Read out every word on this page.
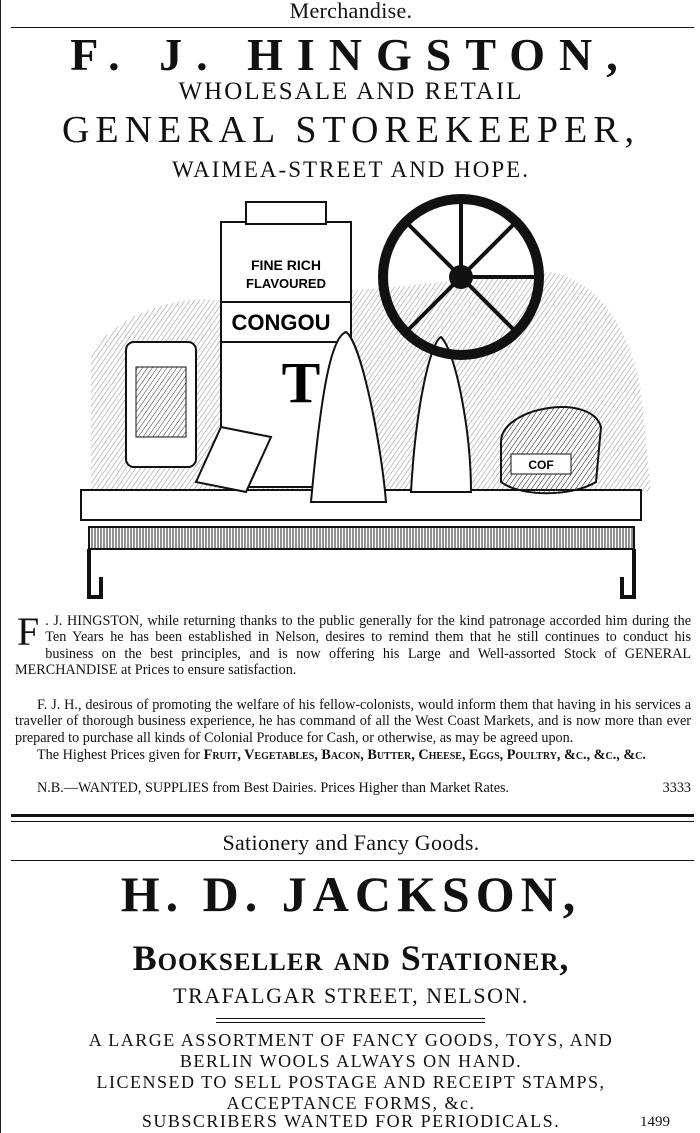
Merchandise.
F. J. HINGSTON,
WHOLESALE AND RETAIL
GENERAL STOREKEEPER,
WAIMEA-STREET AND HOPE.
FINE RICH
FLAVOURED
CONGOU
T
COF

F . J. HINGSTON, while returning thanks to the public generally for the kind patronage accorded him during the Ten Years he has been established in Nelson, desires to remind them that he still continues to conduct his business on the best principles, and is now offering his Large and Well-assorted Stock of GENERAL MERCHANDISE at Prices to ensure satisfaction.

F. J. H., desirous of promoting the welfare of his fellow-colonists, would inform them that having in his services a traveller of thorough business experience, he has command of all the West Coast Markets, and is now more than ever prepared to purchase all kinds of Colonial Produce for Cash, or otherwise, as may be agreed upon.

The Highest Prices given for Fruit, Vegetables, Bacon, Butter, Cheese, Eggs, Poultry, &c., &c., &c.

N.B.—WANTED, SUPPLIES from Best Dairies. Prices Higher than Market Rates.	3333

Sationery and Fancy Goods.
H. D. JACKSON,
Bookseller and Stationer,
TRAFALGAR STREET, NELSON.
A LARGE ASSORTMENT OF FANCY GOODS, TOYS, AND
BERLIN WOOLS ALWAYS ON HAND.
LICENSED TO SELL POSTAGE AND RECEIPT STAMPS,
ACCEPTANCE FORMS, &c.
SUBSCRIBERS WANTED FOR PERIODICALS.	1499
